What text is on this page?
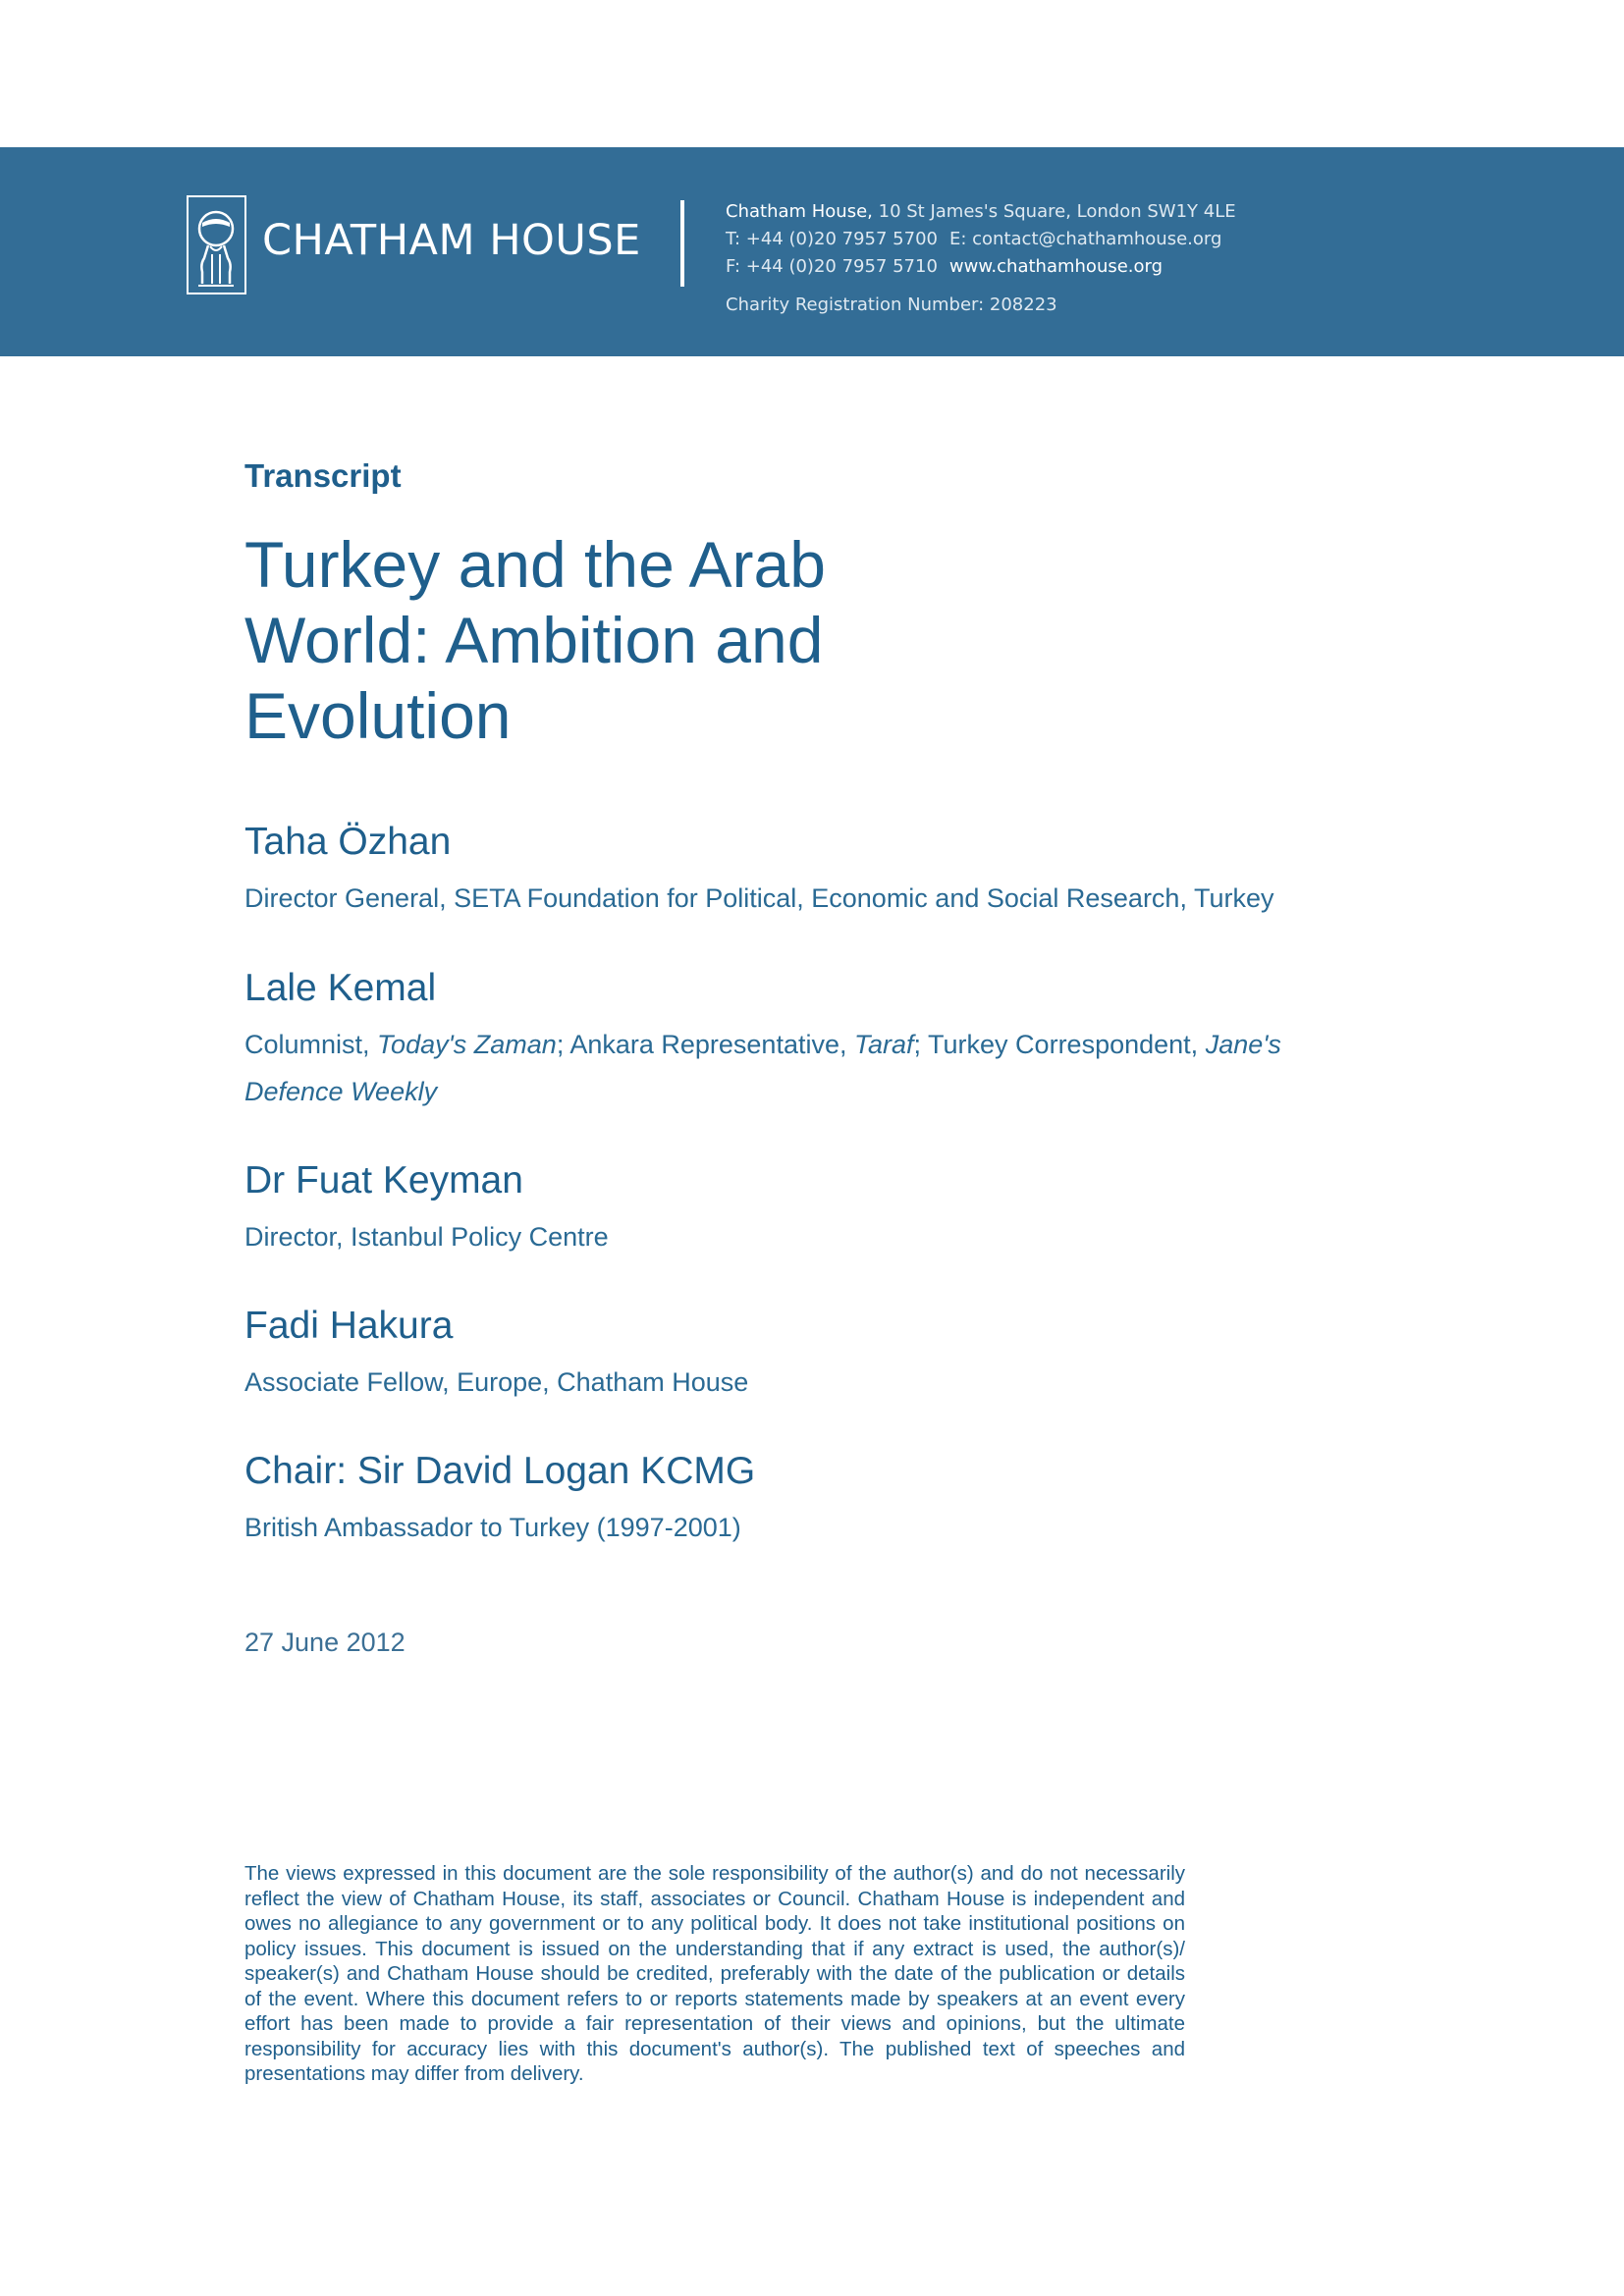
CHATHAM HOUSE
Chatham House, 10 St James's Square, London SW1Y 4LE
T: +44 (0)20 7957 5700 E: contact@chathamhouse.org
F: +44 (0)20 7957 5710 www.chathamhouse.org
Charity Registration Number: 208223
Transcript
Turkey and the Arab
World: Ambition and
Evolution
Taha Özhan
Director General, SETA Foundation for Political, Economic and Social Research, Turkey
Lale Kemal
Columnist, Today's Zaman; Ankara Representative, Taraf; Turkey Correspondent, Jane's
Defence Weekly
Dr Fuat Keyman
Director, Istanbul Policy Centre
Fadi Hakura
Associate Fellow, Europe, Chatham House
Chair: Sir David Logan KCMG
British Ambassador to Turkey (1997-2001)
27 June 2012

The views expressed in this document are the sole responsibility of the author(s) and do not necessarily reflect the view of Chatham House, its staff, associates or Council. Chatham House is independent and owes no allegiance to any government or to any political body. It does not take institutional positions on policy issues. This document is issued on the understanding that if any extract is used, the author(s)/ speaker(s) and Chatham House should be credited, preferably with the date of the publication or details of the event. Where this document refers to or reports statements made by speakers at an event every effort has been made to provide a fair representation of their views and opinions, but the ultimate responsibility for accuracy lies with this document's author(s). The published text of speeches and presentations may differ from delivery.
